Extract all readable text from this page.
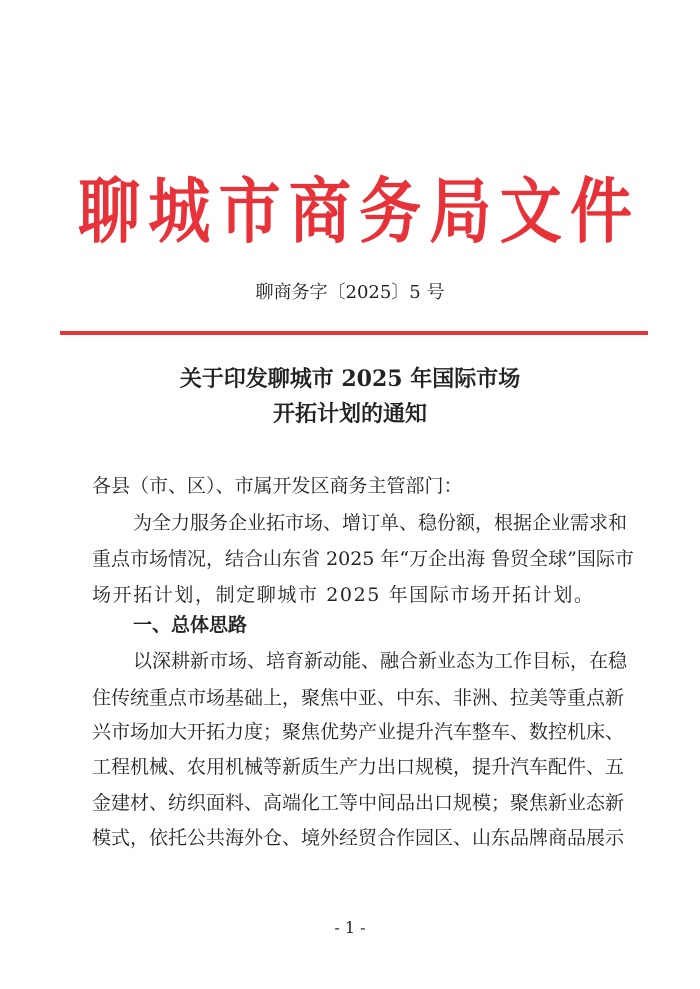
聊 城 市 商 务 局 文 件
聊商务字〔2025〕5 号
关于印发聊城市 2025 年国际市场
开拓计划的通知
各县（市、区）、市属开发区商务主管部门：
为全力服务企业拓市场、增订单、稳份额，根据企业需求和
重点市场情况，结合山东省 2025 年“万企出海 鲁贸全球”国际市
场开拓计划，制定聊城市 2025 年国际市场开拓计划。
一、总体思路
以深耕新市场、培育新动能、融合新业态为工作目标，在稳
住传统重点市场基础上，聚焦中亚、中东、非洲、拉美等重点新
兴市场加大开拓力度；聚焦优势产业提升汽车整车、数控机床、
工程机械、农用机械等新质生产力出口规模，提升汽车配件、五
金建材、纺织面料、高端化工等中间品出口规模；聚焦新业态新
模式，依托公共海外仓、境外经贸合作园区、山东品牌商品展示
- 1 -
